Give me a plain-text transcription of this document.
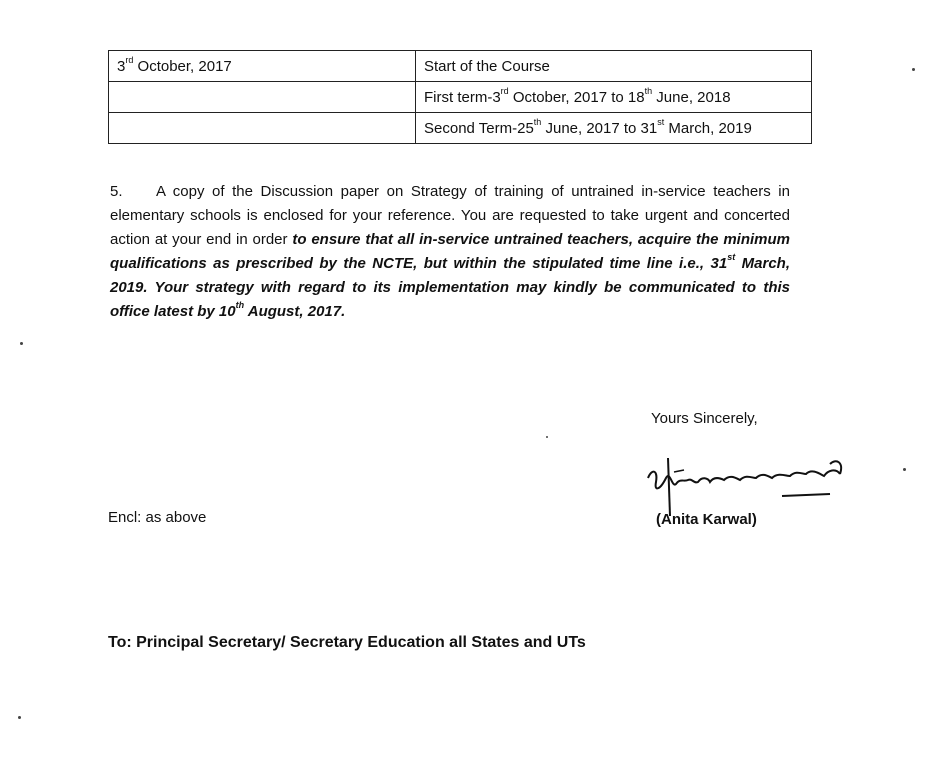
3rd October, 2017	Start of the Course
	First term-3rd October, 2017 to 18th June, 2018
	Second Term-25th June, 2017 to 31st March, 2019
5. A copy of the Discussion paper on Strategy of training of untrained in-service teachers in elementary schools is enclosed for your reference. You are requested to take urgent and concerted action at your end in order to ensure that all in-service untrained teachers, acquire the minimum qualifications as prescribed by the NCTE, but within the stipulated time line i.e., 31st March, 2019. Your strategy with regard to its implementation may kindly be communicated to this office latest by 10th August, 2017.
Yours Sincerely,
(Anita Karwal)
Encl: as above
To: Principal Secretary/ Secretary Education all States and UTs
